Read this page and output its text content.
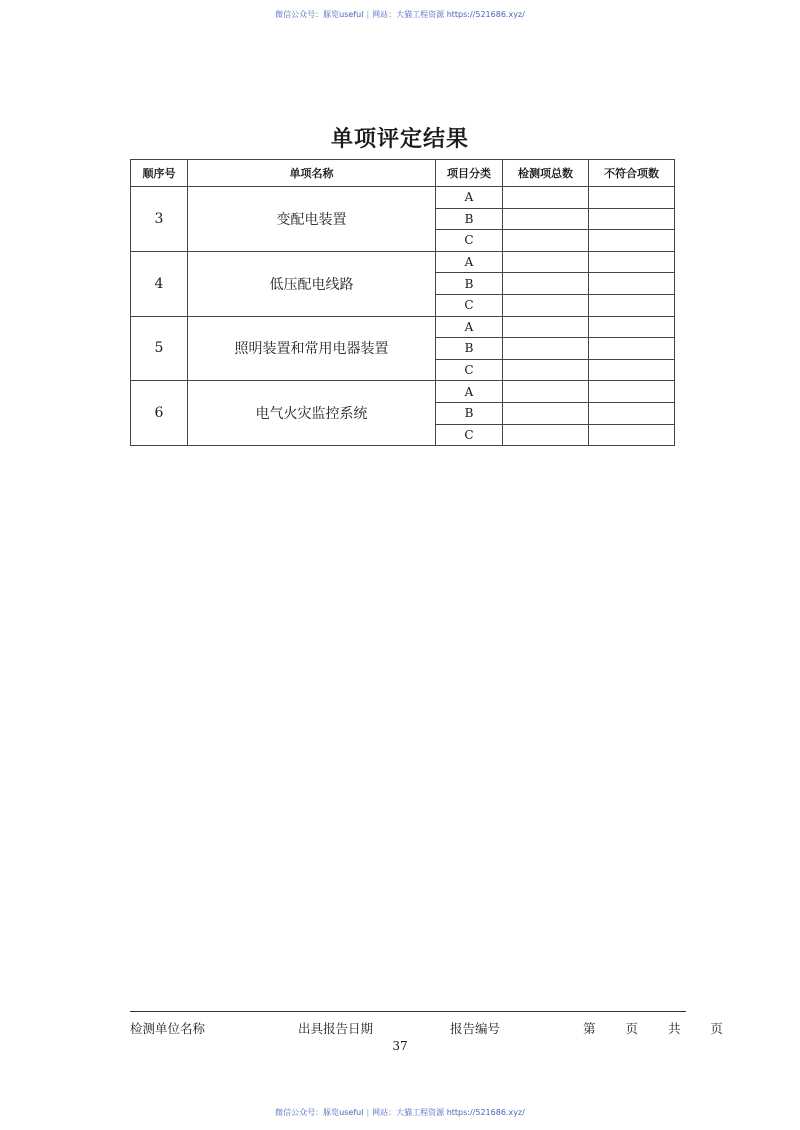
微信公众号：豚览useful | 网站：大猫工程资源 https://521686.xyz/
单项评定结果
顺序号	单项名称	项目分类	检测项总数	不符合项数
3	变配电装置	A		
		B		
		C		
4	低压配电线路	A		
		B		
		C		
5	照明装置和常用电器装置	A		
		B		
		C		
6	电气火灾监控系统	A		
		B		
		C		
检测单位名称	出具报告日期	报告编号	第 页 共 页
37
微信公众号：豚览useful | 网站：大猫工程资源 https://521686.xyz/
